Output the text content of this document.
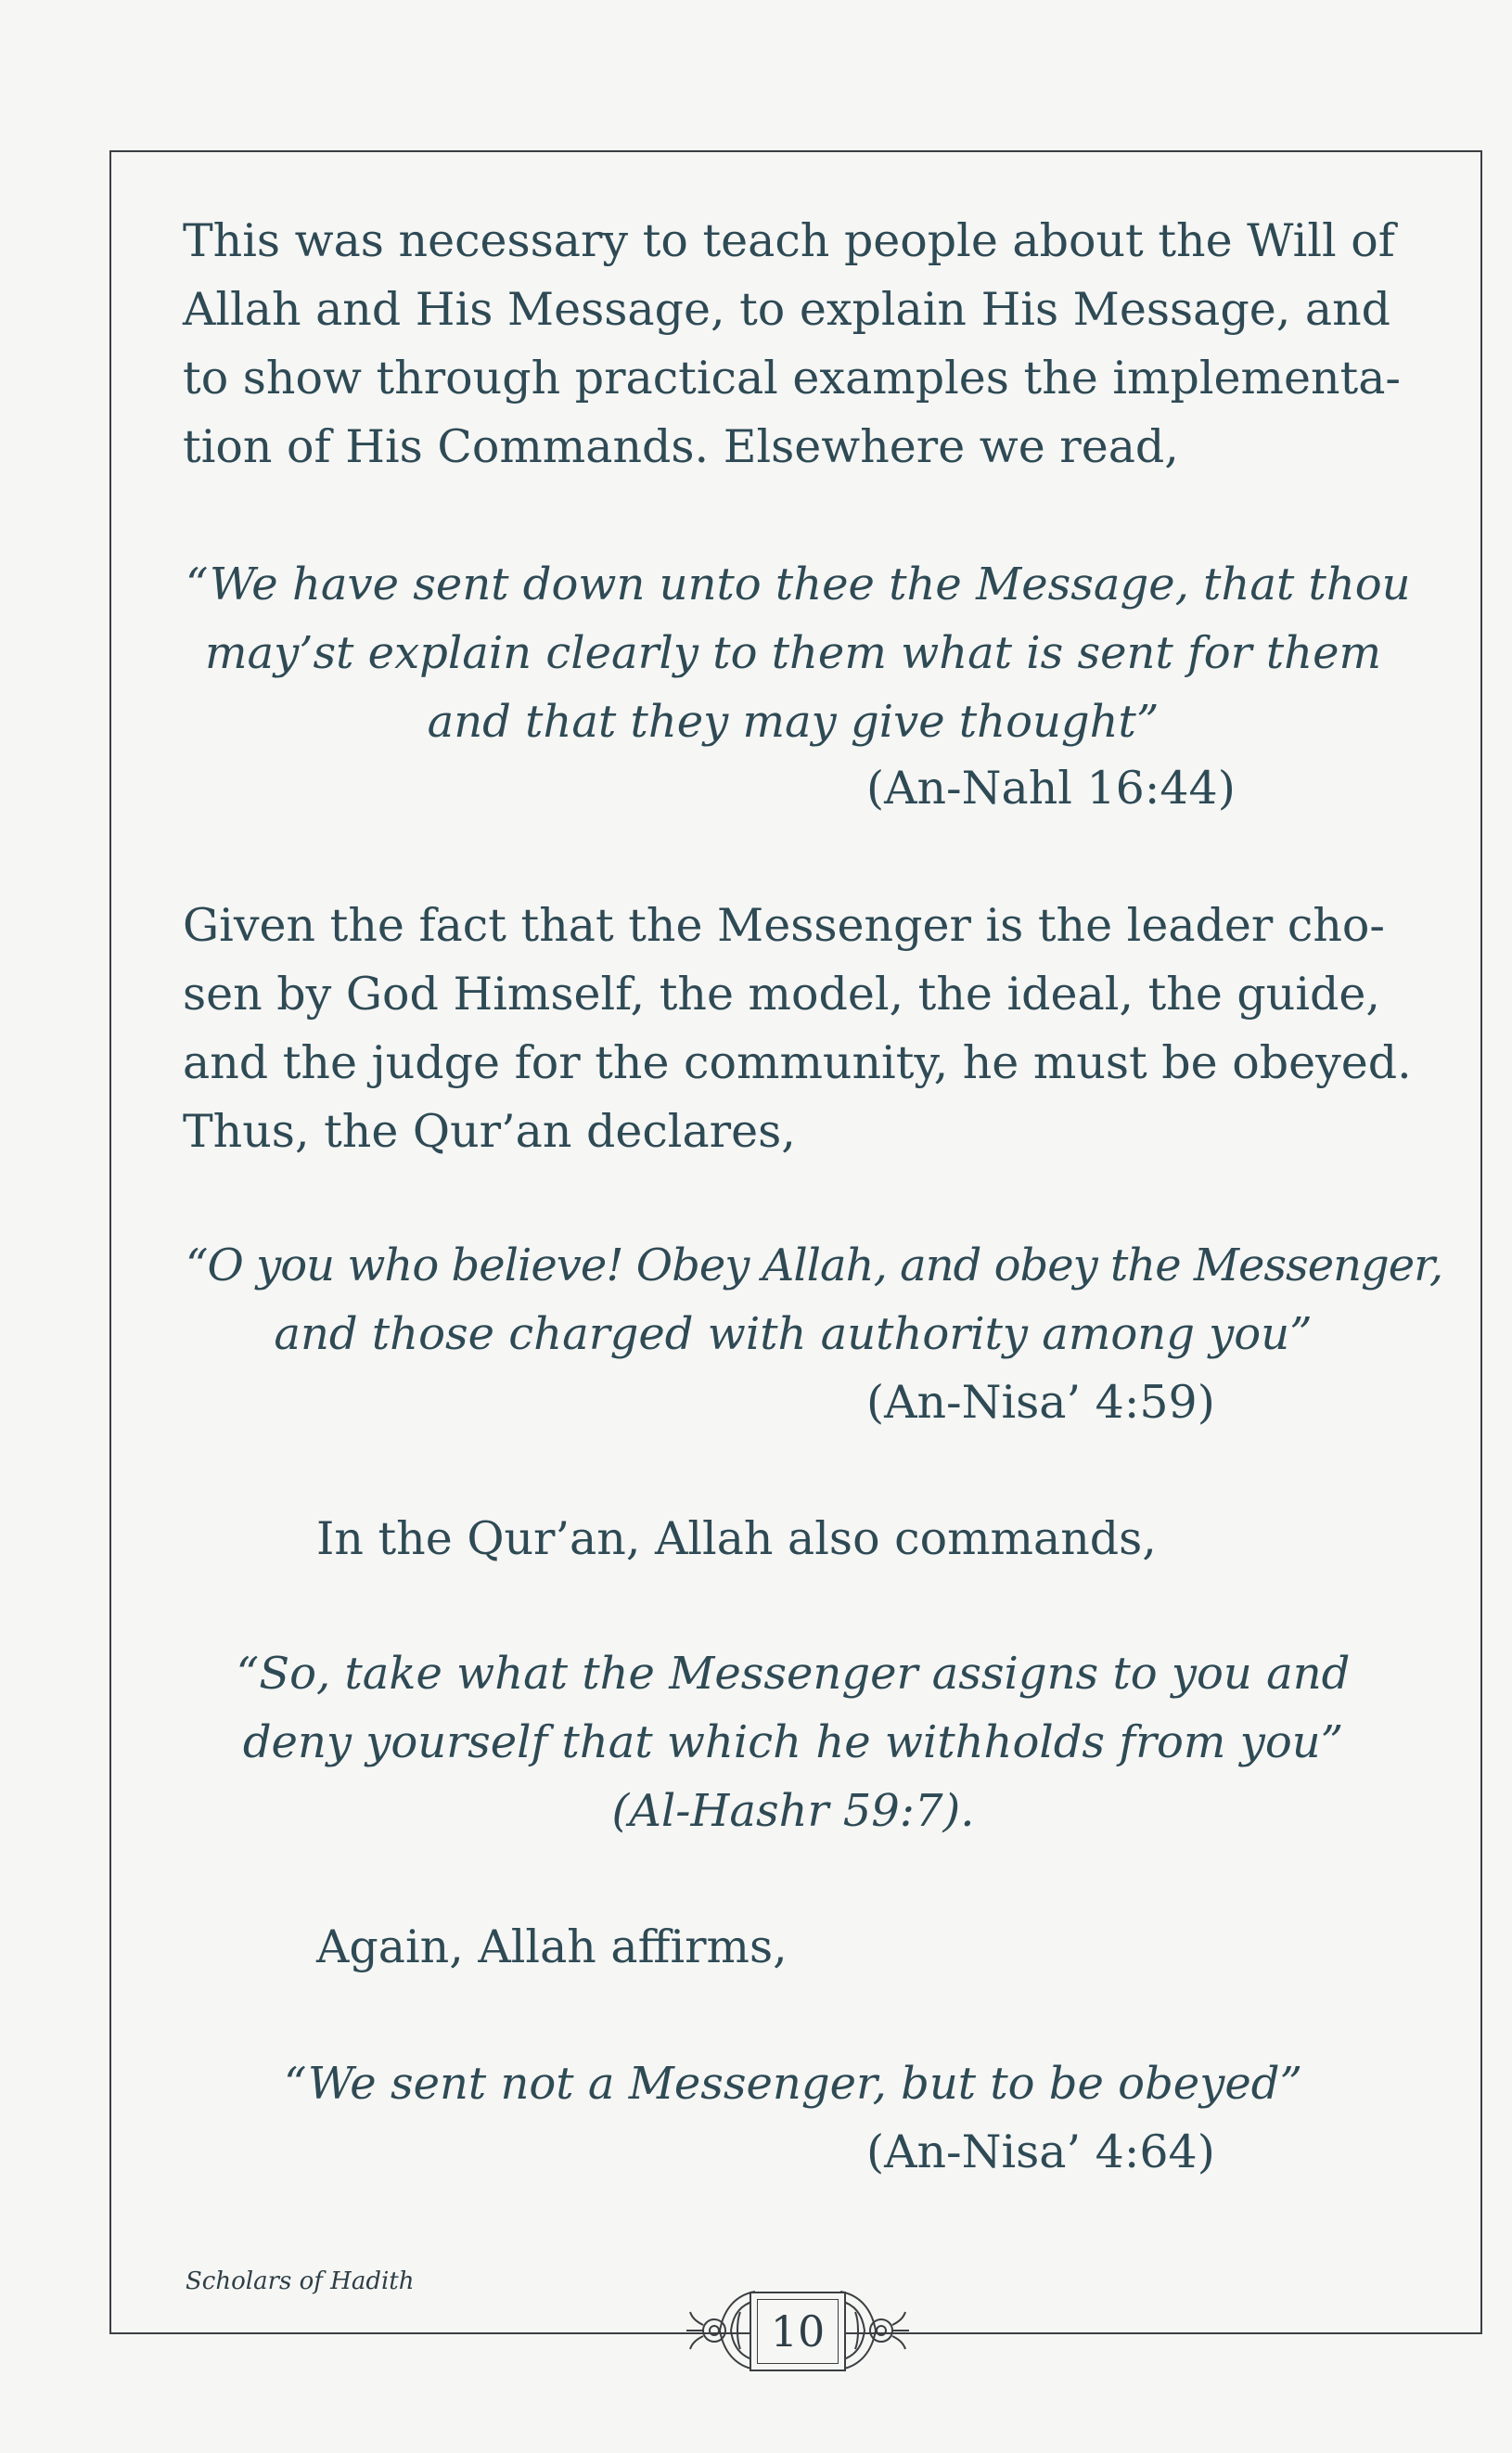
This was necessary to teach people about the Will of
Allah and His Message, to explain His Message, and
to show through practical examples the implementa-
tion of His Commands. Elsewhere we read,
“We have sent down unto thee the Message, that thou
may’st explain clearly to them what is sent for them
and that they may give thought”
(An-Nahl 16:44)
Given the fact that the Messenger is the leader cho-
sen by God Himself, the model, the ideal, the guide,
and the judge for the community, he must be obeyed.
Thus, the Qur’an declares,
“O you who believe! Obey Allah, and obey the Messenger,
and those charged with authority among you”
(An-Nisa’ 4:59)
In the Qur’an, Allah also commands,
“So, take what the Messenger assigns to you and
deny yourself that which he withholds from you”
(Al-Hashr 59:7).
Again, Allah affirms,
“We sent not a Messenger, but to be obeyed”
(An-Nisa’ 4:64)
Scholars of Hadith
10
